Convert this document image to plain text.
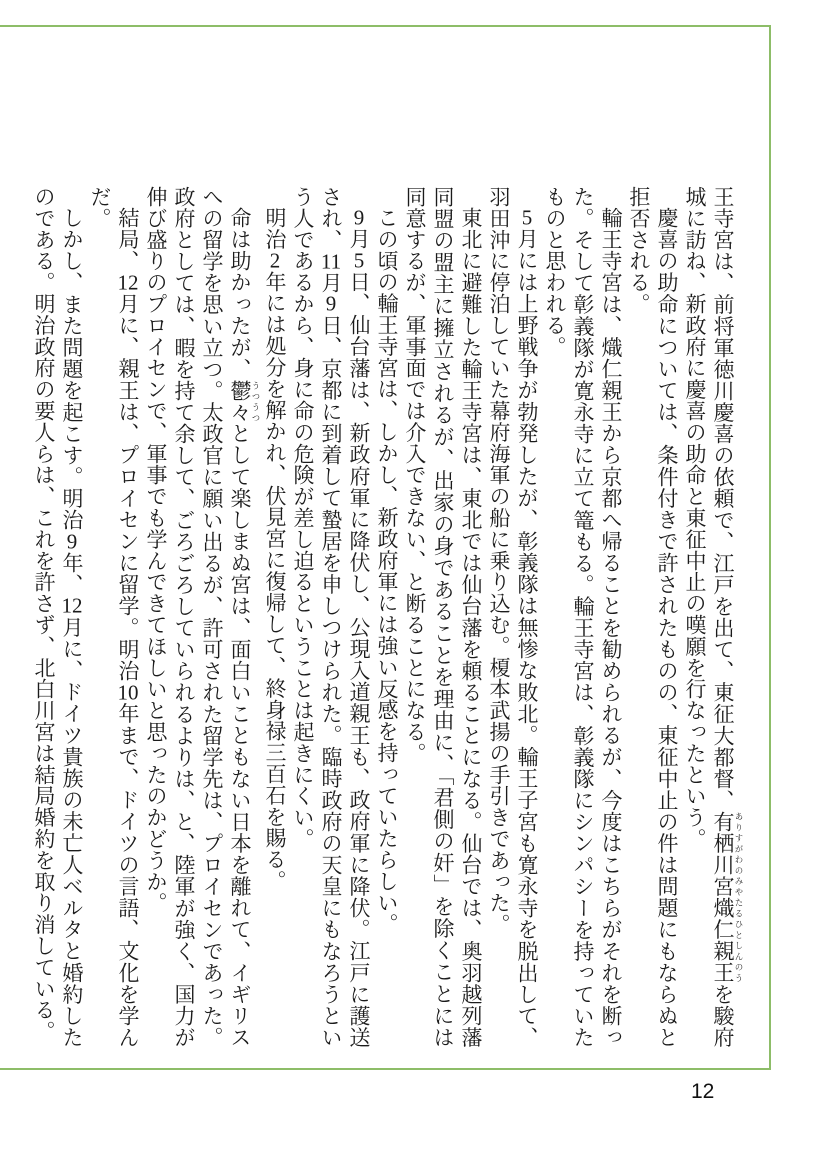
王寺宮は、前将軍徳川慶喜の依頼で、江戸を出て、東征大都督、有栖川宮 ありすがわのみや熾仁 たるひと親王 しんのうを駿府城に訪ね、新政府に慶喜の助命と東征中止の嘆願を行なったという。

慶喜の助命については、条件付きで許されたものの、東征中止の件は問題にもならぬと拒否される。

輪王寺宮は、熾仁親王から京都へ帰ることを勧められるが、今度はこちらがそれを断った。そして彰義隊が寛永寺に立て篭もる。輪王寺宮は、彰義隊にシンパシーを持っていたものと思われる。

5月には上野戦争が勃発したが、彰義隊は無惨な敗北。輪王子宮も寛永寺を脱出して、羽田沖に停泊していた幕府海軍の船に乗り込む。榎本武揚の手引きであった。

東北に避難した輪王寺宮は、東北では仙台藩を頼ることになる。仙台では、奥羽越列藩同盟の盟主に擁立されるが、出家の身であることを理由に、「君側の奸」を除くことには同意するが、軍事面では介入できない、と断ることになる。

この頃の輪王寺宮は、しかし、新政府軍には強い反感を持っていたらしい。

9月5日、仙台藩は、新政府軍に降伏し、公現入道親王も、政府軍に降伏。江戸に護送され、11月9日、京都に到着して蟄居を申しつけられた。臨時政府の天皇にもなろうという人であるから、身に命の危険が差し迫るということは起きにくい。

明治2年には処分を解かれ、伏見宮に復帰して、終身禄三百石を賜る。

命は助かったが、鬱々 うつうつとして楽しまぬ宮は、面白いこともない日本を離れて、イギリスへの留学を思い立つ。太政官に願い出るが、許可された留学先は、プロイセンであった。政府としては、暇を持て余して、ごろごろしていられるよりは、と、陸軍が強く、国力が伸び盛りのプロイセンで、軍事でも学んできてほしいと思ったのかどうか。

結局、12月に、親王は、プロイセンに留学。明治10年まで、ドイツの言語、文化を学んだ。

しかし、また問題を起こす。明治9年、12月に、ドイツ貴族の未亡人ベルタと婚約したのである。明治政府の要人らは、これを許さず、北白川宮は結局婚約を取り消している。

12
